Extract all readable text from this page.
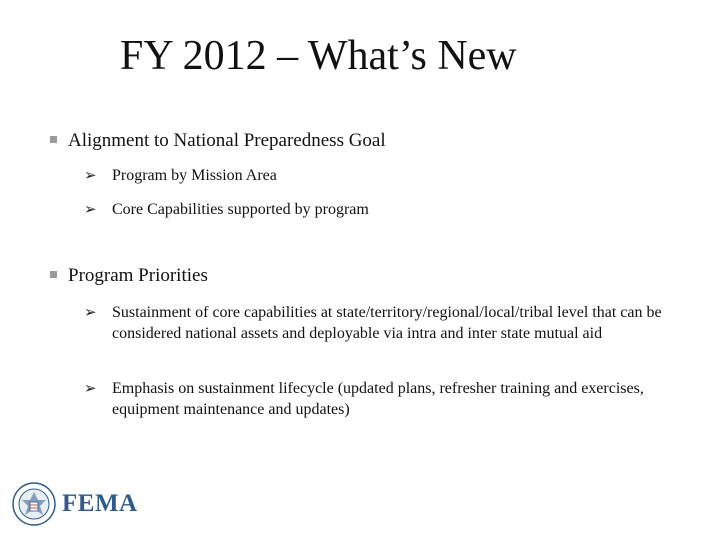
FY 2012 – What’s New
Alignment to National Preparedness Goal
➢ Program by Mission Area
➢ Core Capabilities supported by program
Program Priorities
➢ Sustainment of core capabilities at state/territory/regional/local/tribal level that can be considered national assets and deployable via intra and inter state mutual aid
➢ Emphasis on sustainment lifecycle (updated plans, refresher training and exercises, equipment maintenance and updates)
FEMA
